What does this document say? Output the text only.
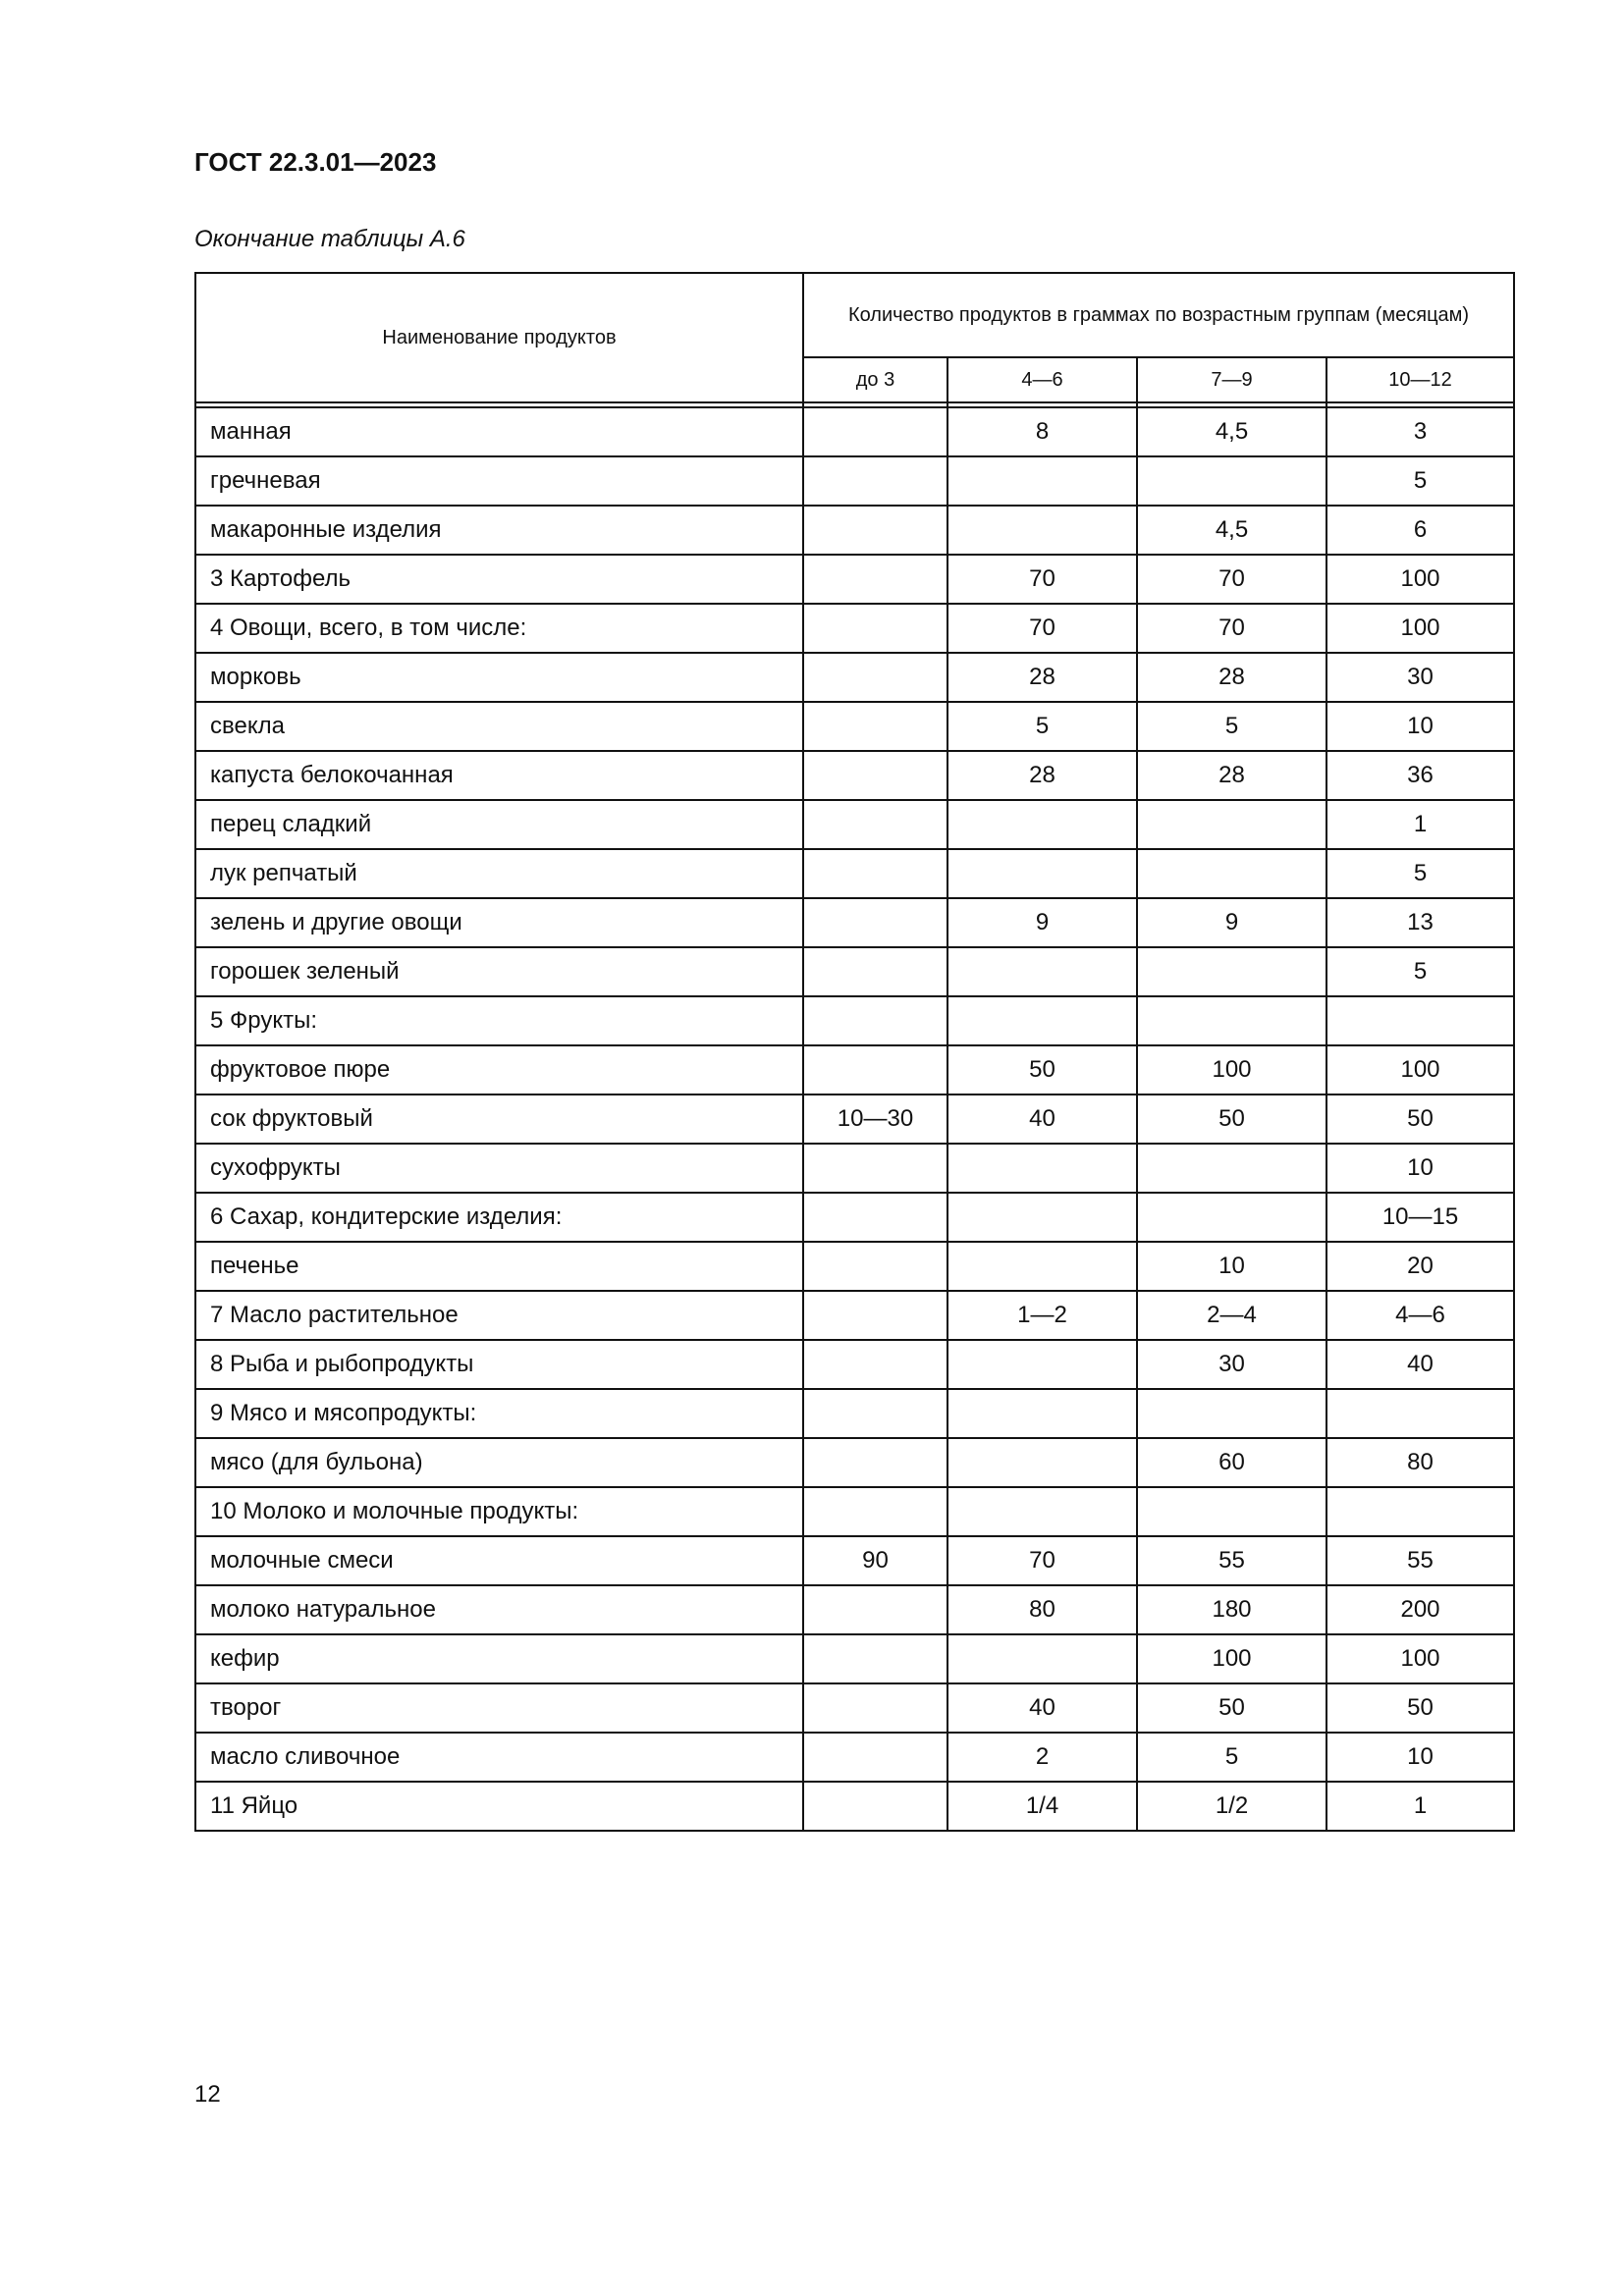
ГОСТ 22.3.01—2023
Окончание таблицы А.6
Наименование продуктов	Количество продуктов в граммах по возрастным группам (месяцам)			
	до 3	4—6	7—9	10—12

манная		8	4,5	3
гречневая				5
макаронные изделия			4,5	6
3 Картофель		70	70	100
4 Овощи, всего, в том числе:		70	70	100
морковь		28	28	30
свекла		5	5	10
капуста белокочанная		28	28	36
перец сладкий				1
лук репчатый				5
зелень и другие овощи		9	9	13
горошек зеленый				5
5 Фрукты:				
фруктовое пюре		50	100	100
сок фруктовый	10—30	40	50	50
сухофрукты				10
6 Сахар, кондитерские изделия:				10—15
печенье			10	20
7 Масло растительное		1—2	2—4	4—6
8 Рыба и рыбопродукты			30	40
9 Мясо и мясопродукты:				
мясо (для бульона)			60	80
10 Молоко и молочные продукты:				
молочные смеси	90	70	55	55
молоко натуральное		80	180	200
кефир			100	100
творог		40	50	50
масло сливочное		2	5	10
11 Яйцо		1/4	1/2	1
12
